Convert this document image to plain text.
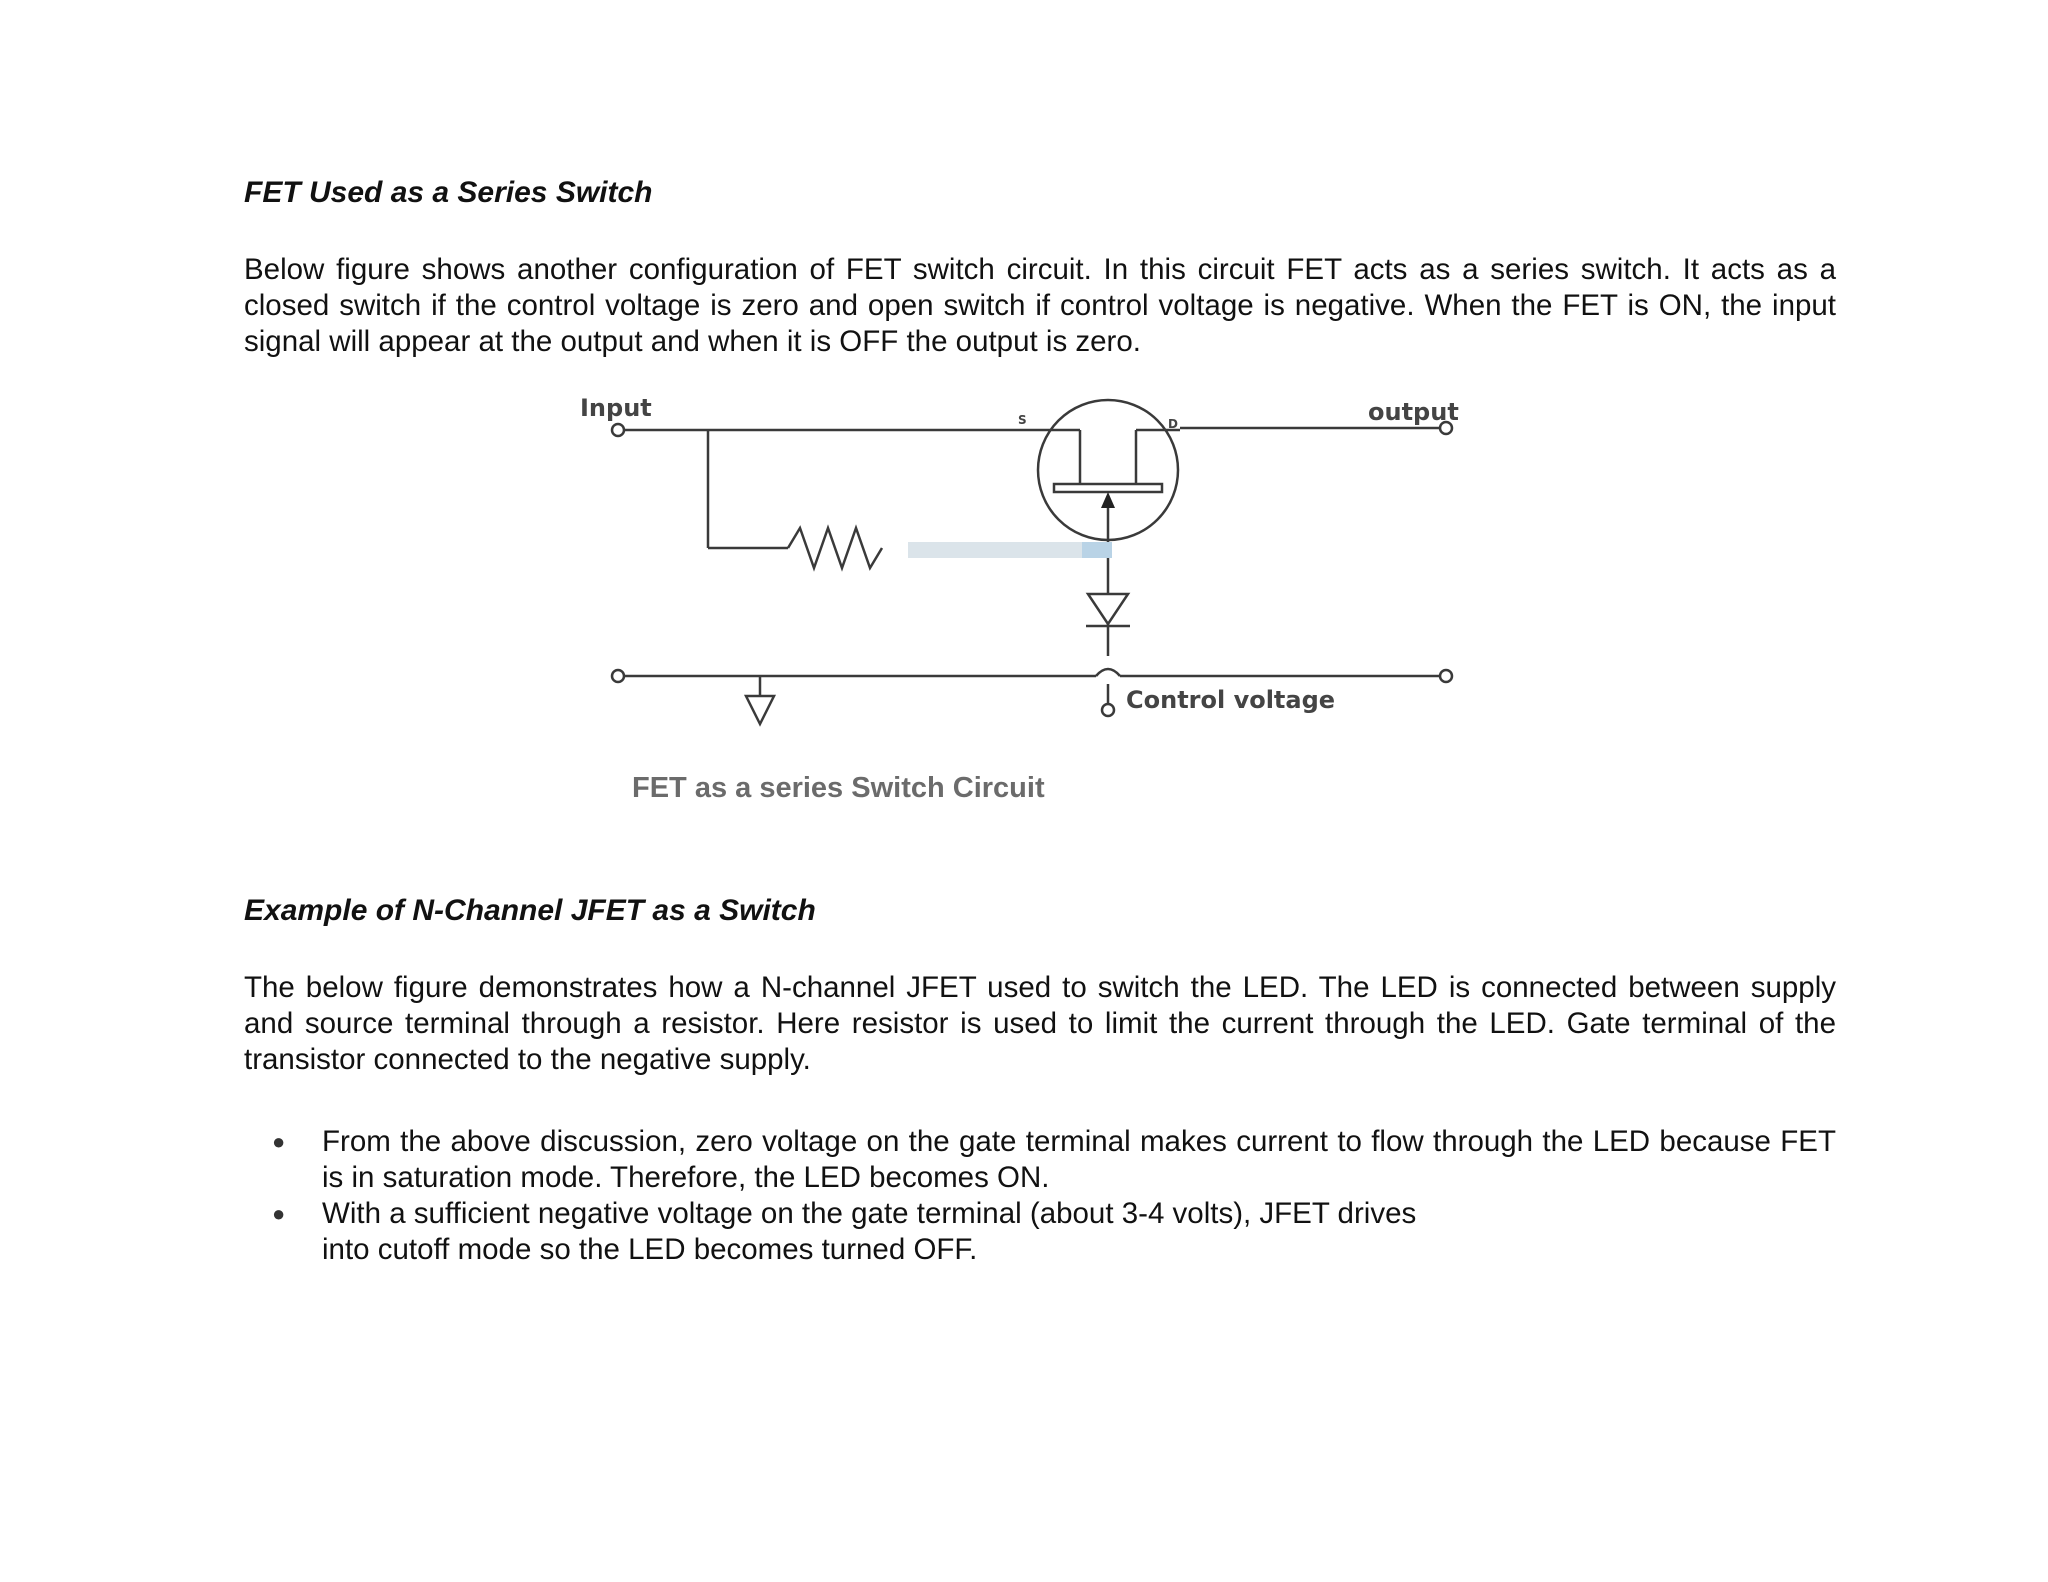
FET Used as a Series Switch

Below figure shows another configuration of FET switch circuit. In this circuit FET acts as a series switch. It acts as a closed switch if the control voltage is zero and open switch if control voltage is negative. When the FET is ON, the input signal will appear at the output and when it is OFF the output is zero.

Input	output
S	D
Control voltage

FET as a series Switch Circuit

Example of N-Channel JFET as a Switch

The below figure demonstrates how a N-channel JFET used to switch the LED. The LED is connected between supply and source terminal through a resistor. Here resistor is used to limit the current through the LED. Gate terminal of the transistor connected to the negative supply.

● From the above discussion, zero voltage on the gate terminal makes current to flow through the LED because FET is in saturation mode. Therefore, the LED becomes ON.
● With a sufficient negative voltage on the gate terminal (about 3-4 volts), JFET drives into cutoff mode so the LED becomes turned OFF.
